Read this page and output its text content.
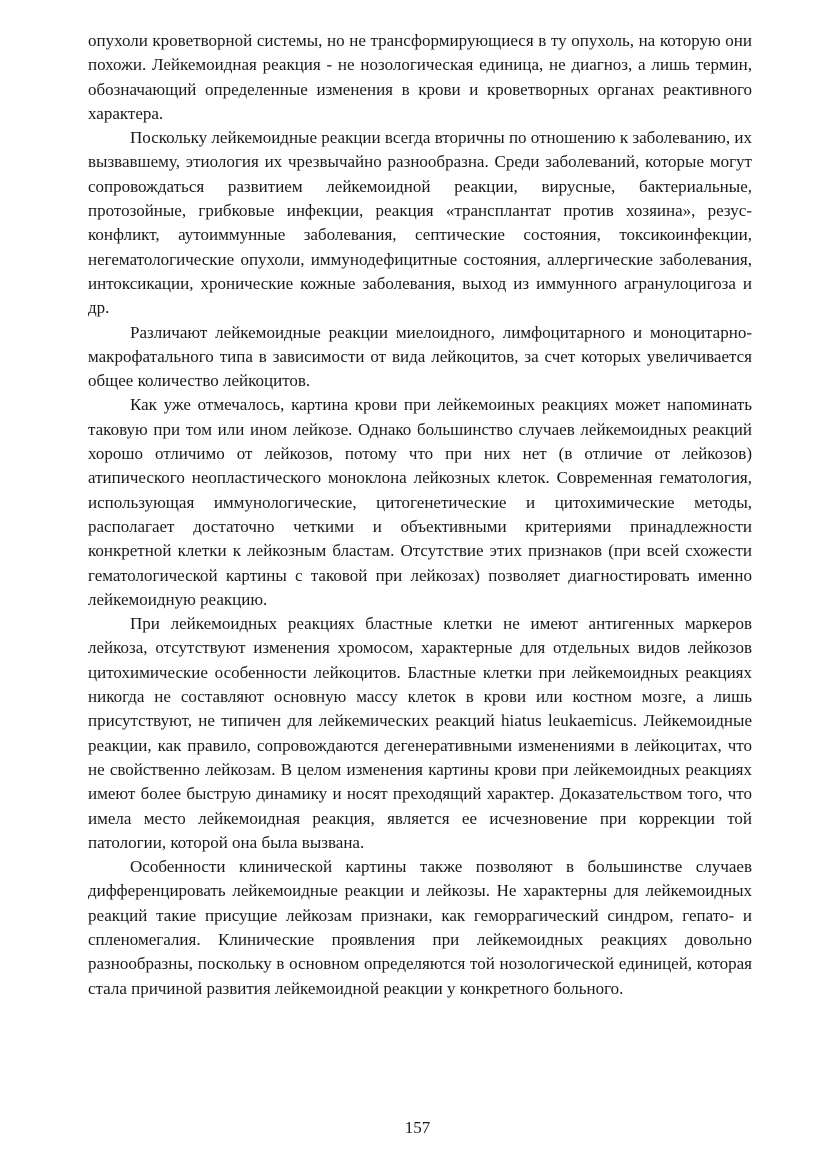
опухоли кроветворной системы, но не трансформирующиеся в ту опухоль, на которую они похожи. Лейкемоидная реакция - не нозологическая единица, не диагноз, а лишь термин, обозначающий определенные изменения в крови и кроветворных органах реактивного характера.

Поскольку лейкемоидные реакции всегда вторичны по отношению к заболеванию, их вызвавшему, этиология их чрезвычайно разнообразна. Среди заболеваний, которые могут сопровождаться развитием лейкемоидной реакции, вирусные, бактериальные, протозойные, грибковые инфекции, реакция «трансплантат против хозяина», резус-конфликт, аутоиммунные заболевания, септические состояния, токсикоинфекции, негематологические опухоли, иммунодефицитные состояния, аллергические заболевания, интоксикации, хронические кожные заболевания, выход из иммунного агранулоцигоза и др.

Различают лейкемоидные реакции миелоидного, лимфоцитарного и моноцитарно-макрофатального типа в зависимости от вида лейкоцитов, за счет которых увеличивается общее количество лейкоцитов.

Как уже отмечалось, картина крови при лейкемоиных реакциях может напоминать таковую при том или ином лейкозе. Однако большинство случаев лейкемоидных реакций хорошо отличимо от лейкозов, потому что при них нет (в отличие от лейкозов) атипического неопластического моноклона лейкозных клеток. Современная гематология, использующая иммунологические, цитогенетические и цитохимические методы, располагает достаточно четкими и объективными критериями принадлежности конкретной клетки к лейкозным бластам. Отсутствие этих признаков (при всей схожести гематологической картины с таковой при лейкозах) позволяет диагностировать именно лейкемоидную реакцию.

При лейкемоидных реакциях бластные клетки не имеют антигенных маркеров лейкоза, отсутствуют изменения хромосом, характерные для отдельных видов лейкозов цитохимические особенности лейкоцитов. Бластные клетки при лейкемоидных реакциях никогда не составляют основную массу клеток в крови или костном мозге, а лишь присутствуют, не типичен для лейкемических реакций hiatus leukaemicus. Лейкемоидные реакции, как правило, сопровождаются дегенеративными изменениями в лейкоцитах, что не свойственно лейкозам. В целом изменения картины крови при лейкемоидных реакциях имеют более быструю динамику и носят преходящий характер. Доказательством того, что имела место лейкемоидная реакция, является ее исчезновение при коррекции той патологии, которой она была вызвана.

Особенности клинической картины также позволяют в большинстве случаев дифференцировать лейкемоидные реакции и лейкозы. Не характерны для лейкемоидных реакций такие присущие лейкозам признаки, как геморрагический синдром, гепато- и спленомегалия. Клинические проявления при лейкемоидных реакциях довольно разнообразны, поскольку в основном определяются той нозологической единицей, которая стала причиной развития лейкемоидной реакции у конкретного больного.

157
